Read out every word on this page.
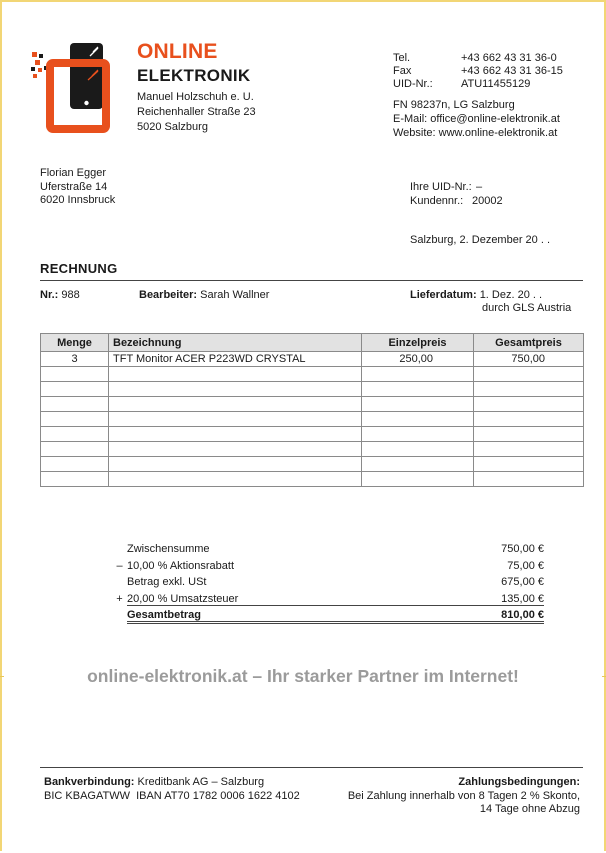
ONLINE
ELEKTRONIK
Manuel Holzschuh e. U.
Reichenhaller Straße 23
5020 Salzburg
Tel.	+43 662 43 31 36-0
Fax	+43 662 43 31 36-15
UID-Nr.:	ATU11455129
FN 98237n, LG Salzburg
E-Mail: office@online-elektronik.at
Website: www.online-elektronik.at
Florian Egger
Uferstraße 14
6020 Innsbruck
Ihre UID-Nr.: –
Kundennr.: 20002
Salzburg, 2. Dezember 20 . .
RECHNUNG
Nr.: 988	Bearbeiter: Sarah Wallner	Lieferdatum: 1. Dez. 20 . .
durch GLS Austria
Menge	Bezeichnung	Einzelpreis	Gesamtpreis
3	TFT Monitor ACER P223WD CRYSTAL	250,00	750,00

Zwischensumme	750,00 €
– 10,00 % Aktionsrabatt	75,00 €
Betrag exkl. USt	675,00 €
+ 20,00 % Umsatzsteuer	135,00 €
Gesamtbetrag	810,00 €
online-elektronik.at – Ihr starker Partner im Internet!
Bankverbindung: Kreditbank AG – Salzburg
BIC KBAGATWW  IBAN AT70 1782 0006 1622 4102
Zahlungsbedingungen:
Bei Zahlung innerhalb von 8 Tagen 2 % Skonto,
14 Tage ohne Abzug
